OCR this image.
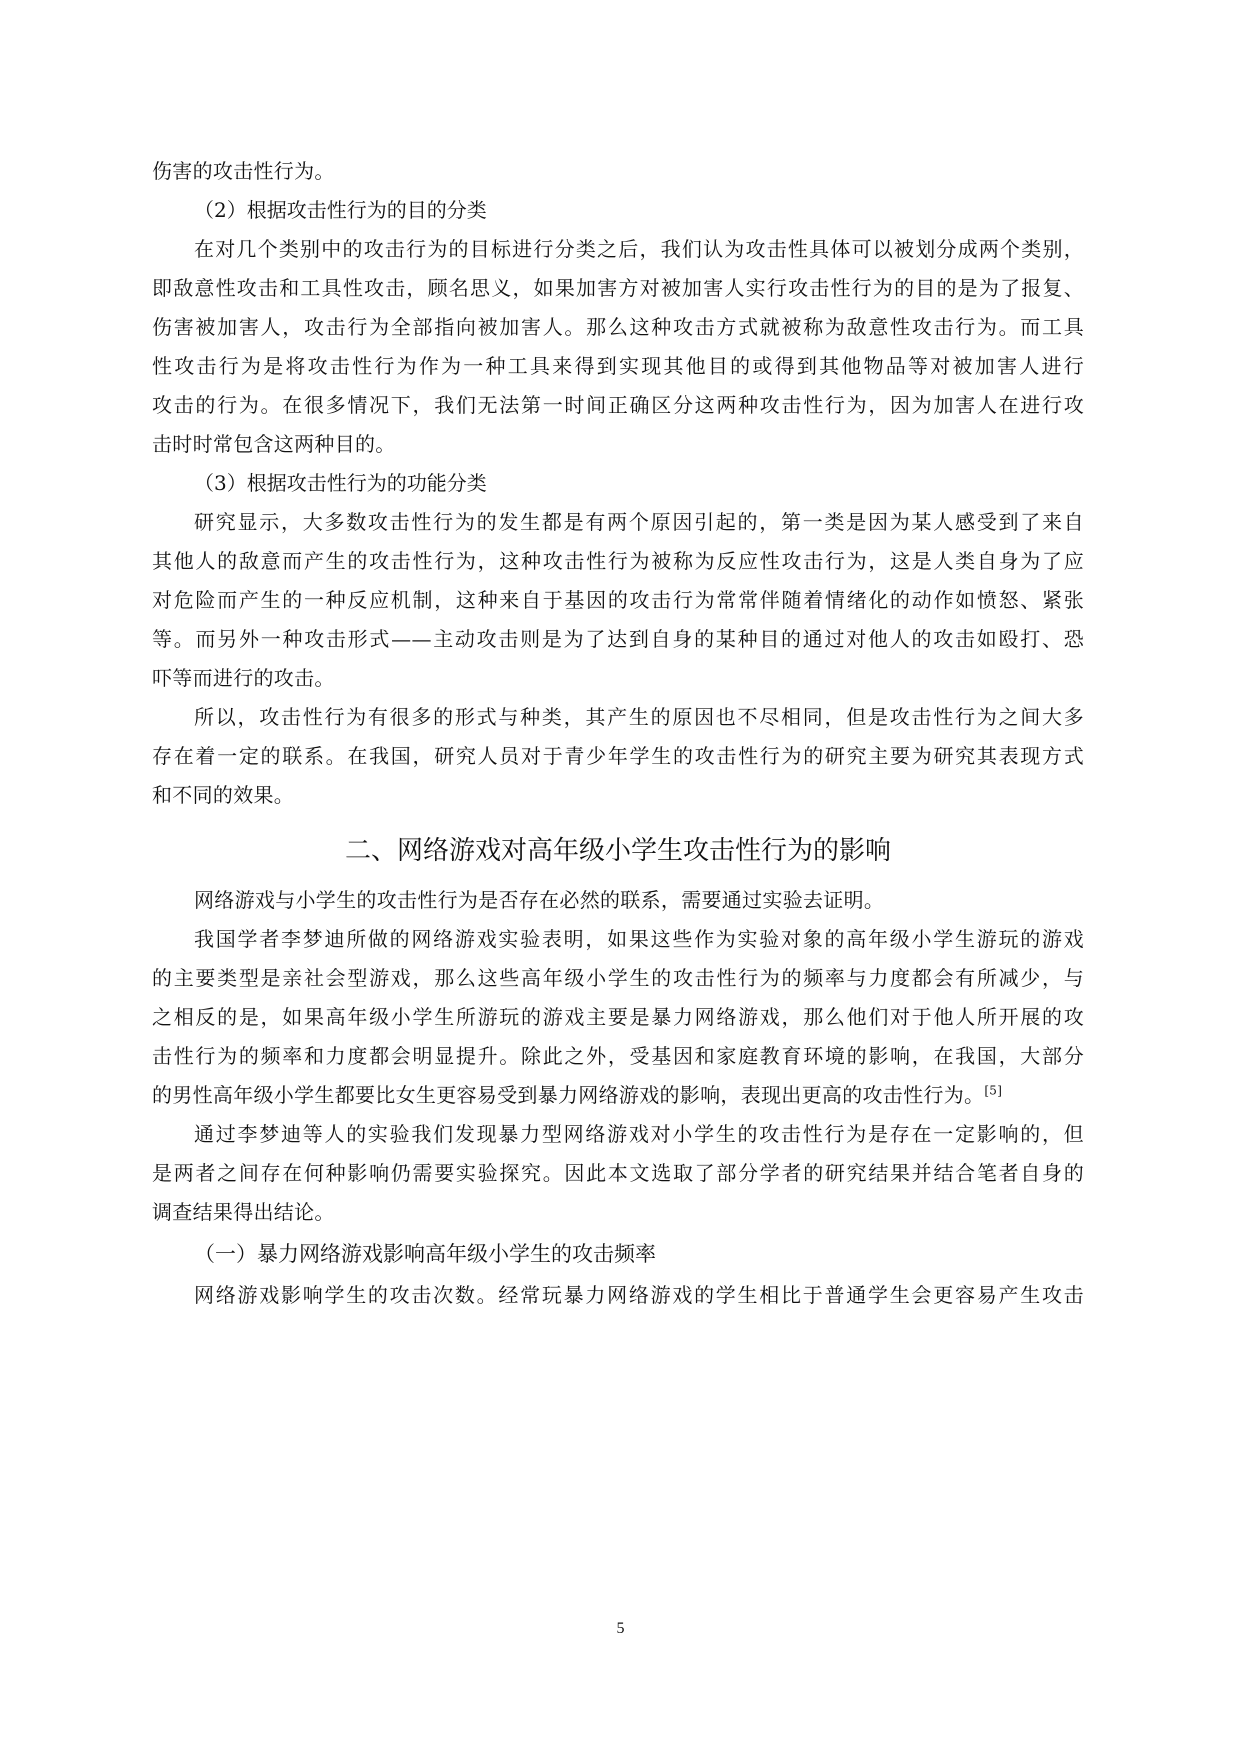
伤害的攻击性行为。
（2）根据攻击性行为的目的分类
在对几个类别中的攻击行为的目标进行分类之后，我们认为攻击性具体可以被划分成两个类别，
即敌意性攻击和工具性攻击，顾名思义，如果加害方对被加害人实行攻击性行为的目的是为了报复、
伤害被加害人，攻击行为全部指向被加害人。那么这种攻击方式就被称为敌意性攻击行为。而工具
性攻击行为是将攻击性行为作为一种工具来得到实现其他目的或得到其他物品等对被加害人进行
攻击的行为。在很多情况下，我们无法第一时间正确区分这两种攻击性行为，因为加害人在进行攻
击时时常包含这两种目的。
（3）根据攻击性行为的功能分类
研究显示，大多数攻击性行为的发生都是有两个原因引起的，第一类是因为某人感受到了来自
其他人的敌意而产生的攻击性行为，这种攻击性行为被称为反应性攻击行为，这是人类自身为了应
对危险而产生的一种反应机制，这种来自于基因的攻击行为常常伴随着情绪化的动作如愤怒、紧张
等。而另外一种攻击形式——主动攻击则是为了达到自身的某种目的通过对他人的攻击如殴打、恐
吓等而进行的攻击。
所以，攻击性行为有很多的形式与种类，其产生的原因也不尽相同，但是攻击性行为之间大多
存在着一定的联系。在我国，研究人员对于青少年学生的攻击性行为的研究主要为研究其表现方式
和不同的效果。
二、网络游戏对高年级小学生攻击性行为的影响
网络游戏与小学生的攻击性行为是否存在必然的联系，需要通过实验去证明。
我国学者李梦迪所做的网络游戏实验表明，如果这些作为实验对象的高年级小学生游玩的游戏
的主要类型是亲社会型游戏，那么这些高年级小学生的攻击性行为的频率与力度都会有所减少，与
之相反的是，如果高年级小学生所游玩的游戏主要是暴力网络游戏，那么他们对于他人所开展的攻
击性行为的频率和力度都会明显提升。除此之外，受基因和家庭教育环境的影响，在我国，大部分
的男性高年级小学生都要比女生更容易受到暴力网络游戏的影响，表现出更高的攻击性行为。[5]
通过李梦迪等人的实验我们发现暴力型网络游戏对小学生的攻击性行为是存在一定影响的，但
是两者之间存在何种影响仍需要实验探究。因此本文选取了部分学者的研究结果并结合笔者自身的
调查结果得出结论。
（一）暴力网络游戏影响高年级小学生的攻击频率
网络游戏影响学生的攻击次数。经常玩暴力网络游戏的学生相比于普通学生会更容易产生攻击
5
